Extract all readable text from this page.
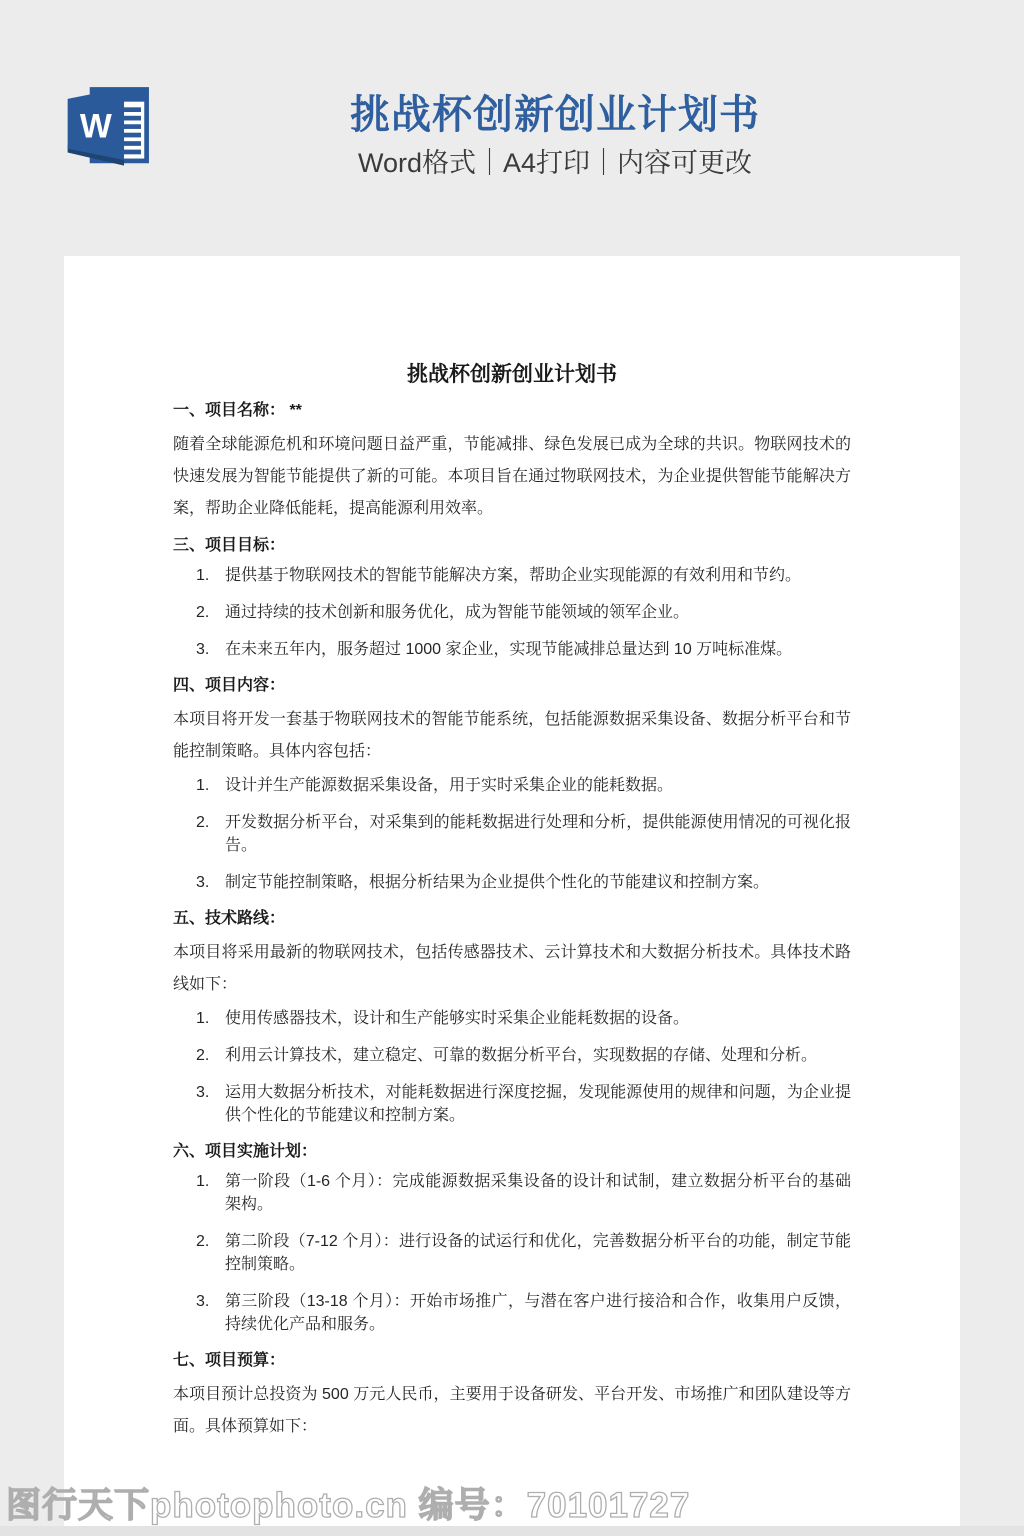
W	挑战杯创新创业计划书
Word格式｜A4打印｜内容可更改
挑战杯创新创业计划书
一、项目名称： **

随着全球能源危机和环境问题日益严重，节能减排、绿色发展已成为全球的共识。物联网技术的快速发展为智能节能提供了新的可能。本项目旨在通过物联网技术，为企业提供智能节能解决方案，帮助企业降低能耗，提高能源利用效率。

三、项目目标：
1. 提供基于物联网技术的智能节能解决方案，帮助企业实现能源的有效利用和节约。
2. 通过持续的技术创新和服务优化，成为智能节能领域的领军企业。
3. 在未来五年内，服务超过 1000 家企业，实现节能减排总量达到 10 万吨标准煤。
四、项目内容：

本项目将开发一套基于物联网技术的智能节能系统，包括能源数据采集设备、数据分析平台和节能控制策略。具体内容包括：

1. 设计并生产能源数据采集设备，用于实时采集企业的能耗数据。
2. 开发数据分析平台，对采集到的能耗数据进行处理和分析，提供能源使用情况的可视化报告。
3. 制定节能控制策略，根据分析结果为企业提供个性化的节能建议和控制方案。
五、技术路线：

本项目将采用最新的物联网技术，包括传感器技术、云计算技术和大数据分析技术。具体技术路线如下：

1. 使用传感器技术，设计和生产能够实时采集企业能耗数据的设备。
2. 利用云计算技术，建立稳定、可靠的数据分析平台，实现数据的存储、处理和分析。
3. 运用大数据分析技术，对能耗数据进行深度挖掘，发现能源使用的规律和问题，为企业提供个性化的节能建议和控制方案。
六、项目实施计划：
1. 第一阶段（1-6 个月）：完成能源数据采集设备的设计和试制，建立数据分析平台的基础架构。
2. 第二阶段（7-12 个月）：进行设备的试运行和优化，完善数据分析平台的功能，制定节能控制策略。
3. 第三阶段（13-18 个月）：开始市场推广，与潜在客户进行接洽和合作，收集用户反馈，持续优化产品和服务。
七、项目预算：

本项目预计总投资为 500 万元人民币，主要用于设备研发、平台开发、市场推广和团队建设等方面。具体预算如下：

图行天下photophoto.cn 编号：70101727
